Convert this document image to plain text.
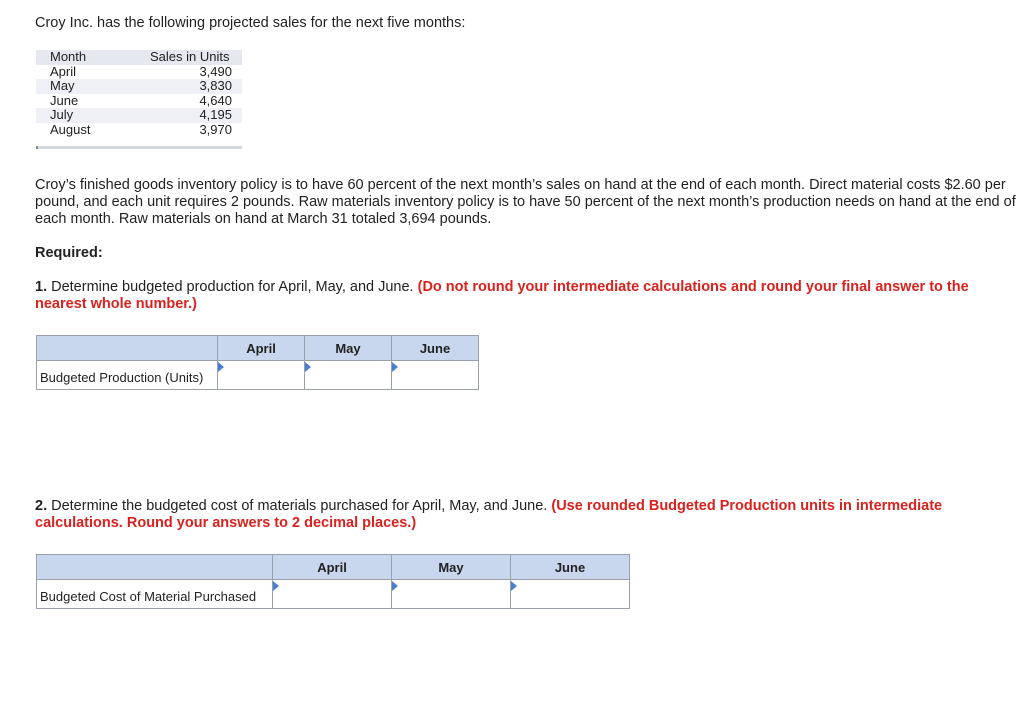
Croy Inc. has the following projected sales for the next five months:
Month	Sales in Units
April	3,490
May	3,830
June	4,640
July	4,195
August	3,970
Croy’s finished goods inventory policy is to have 60 percent of the next month’s sales on hand at the end of each month. Direct material costs $2.60 per pound, and each unit requires 2 pounds. Raw materials inventory policy is to have 50 percent of the next month’s production needs on hand at the end of each month. Raw materials on hand at March 31 totaled 3,694 pounds.
Required:
1. Determine budgeted production for April, May, and June. (Do not round your intermediate calculations and round your final answer to the nearest whole number.)
	April	May	June
Budgeted Production (Units)	

2. Determine the budgeted cost of materials purchased for April, May, and June. (Use rounded Budgeted Production units in intermediate calculations. Round your answers to 2 decimal places.)
	April	May	June
Budgeted Cost of Material Purchased	
